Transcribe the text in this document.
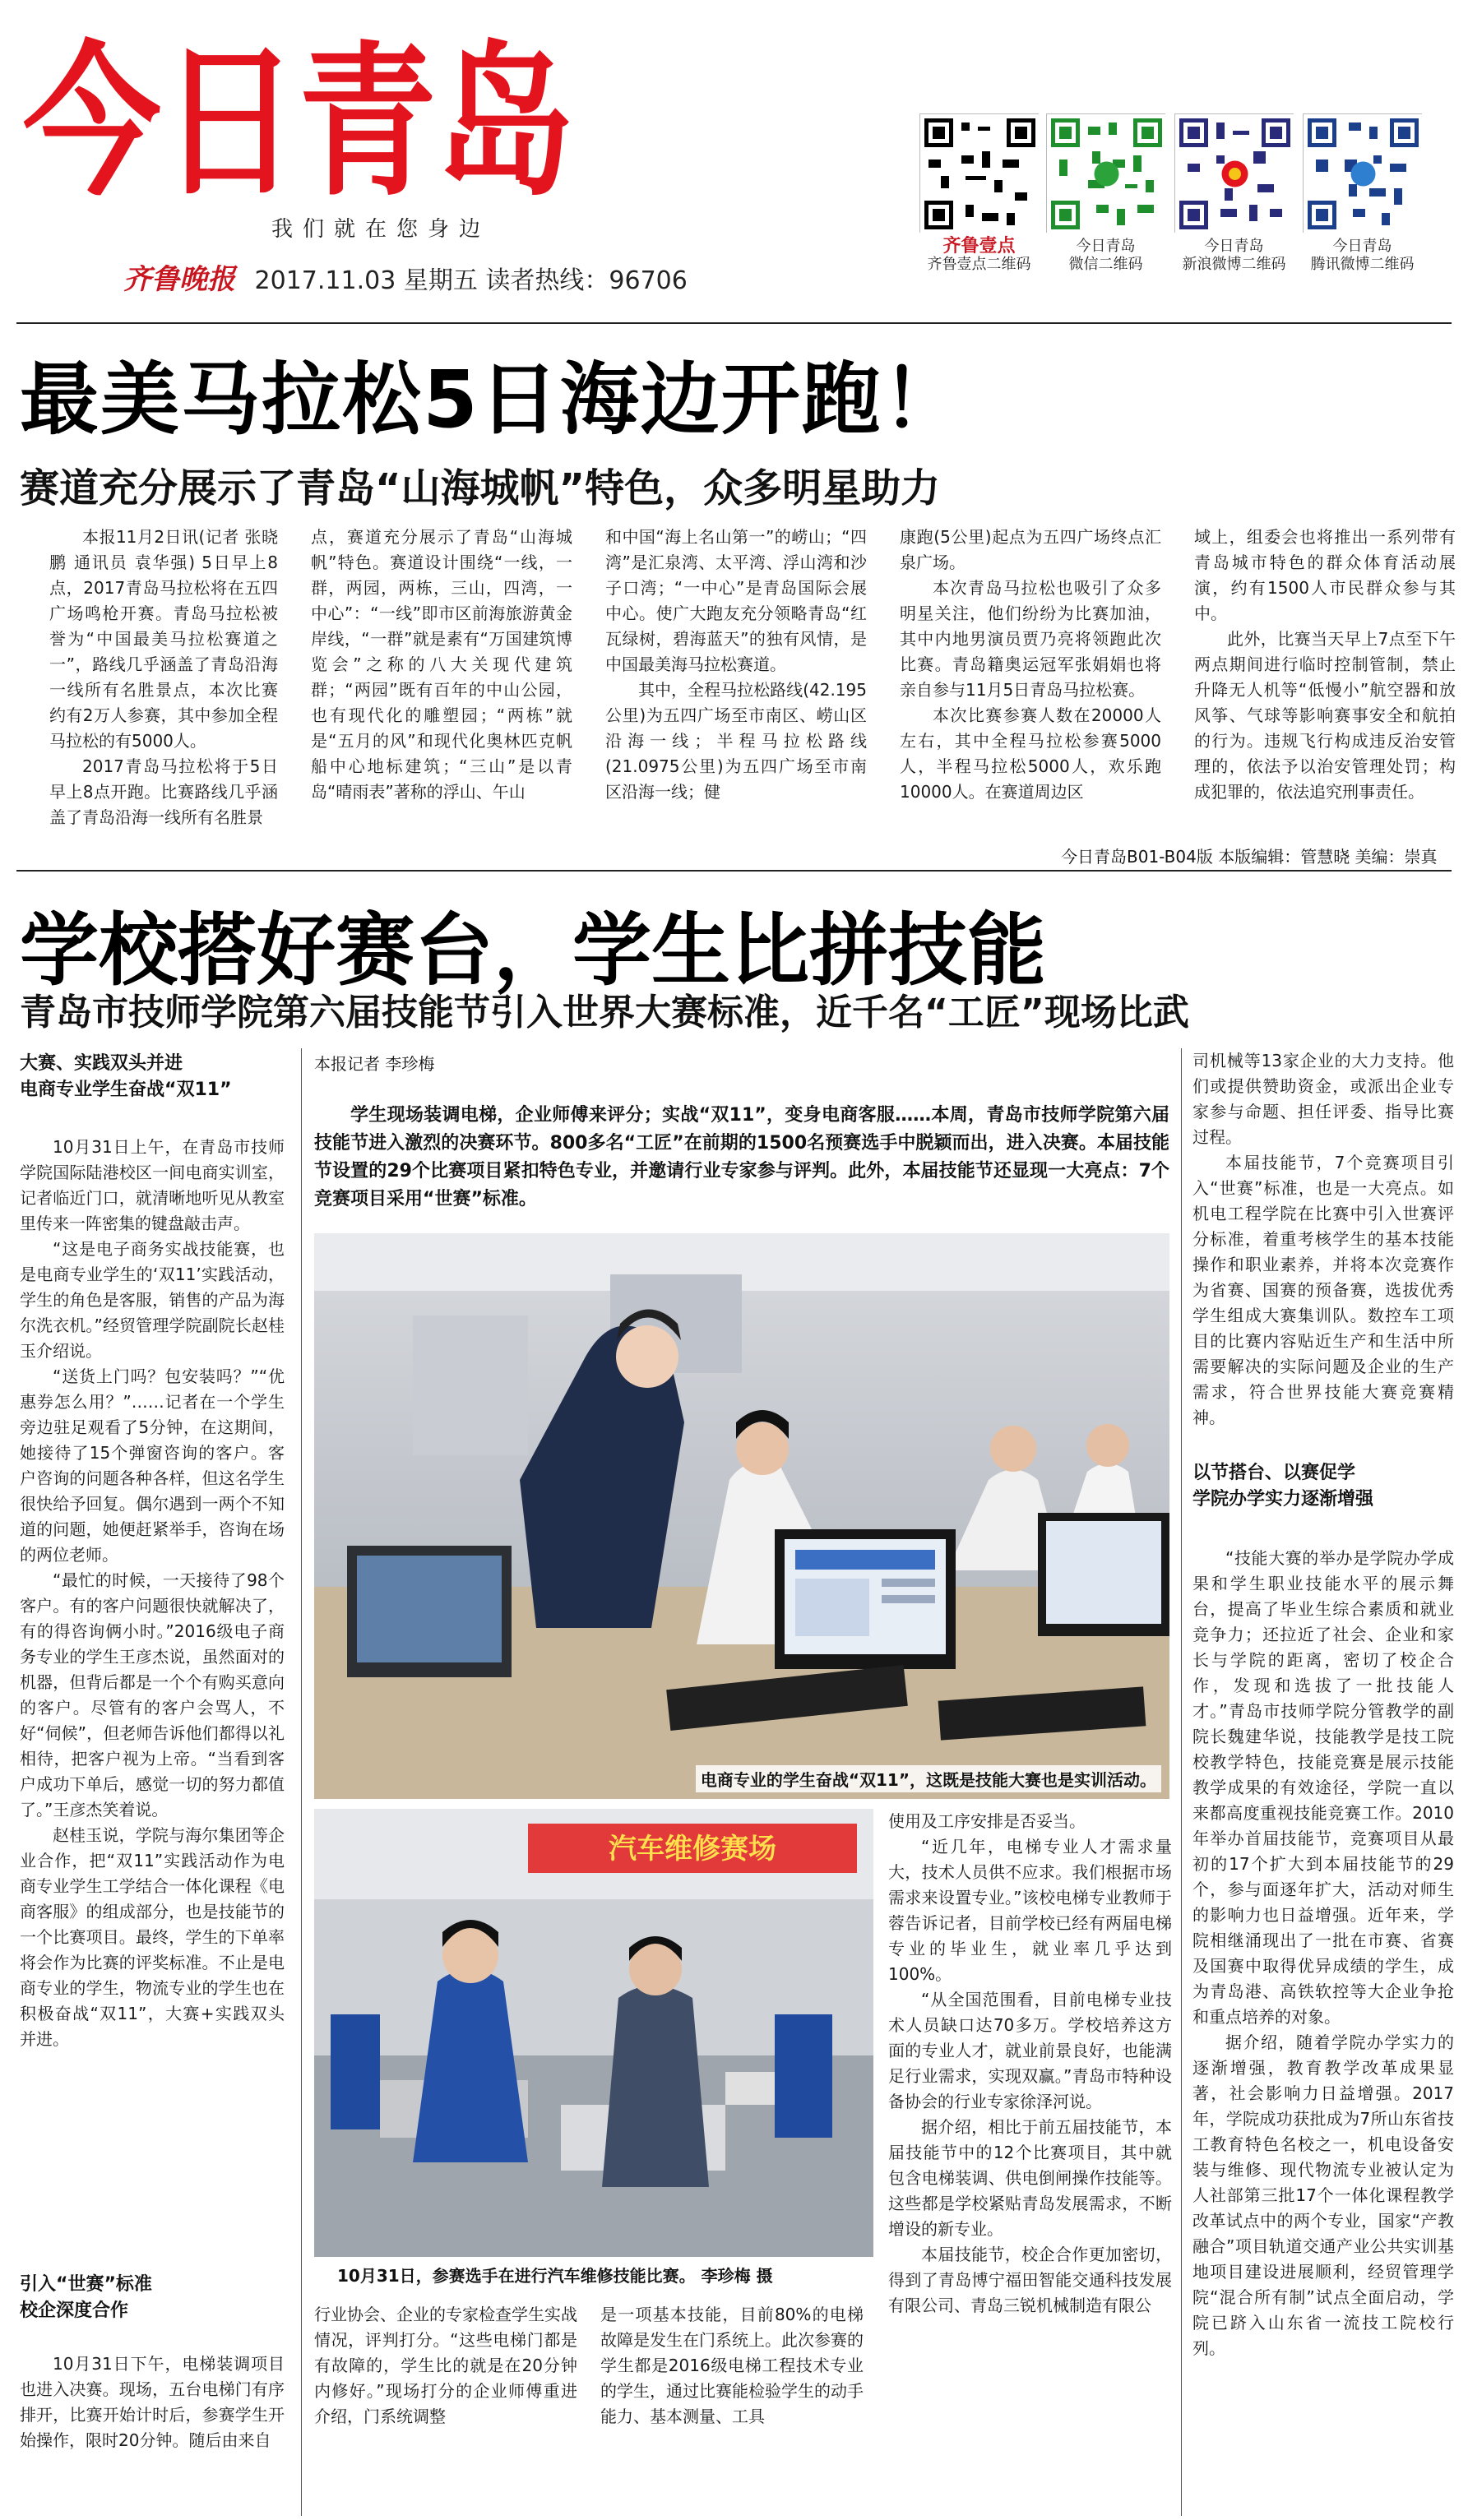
今日青岛
我们就在您身边
齐鲁晚报 2017.11.03 星期五 读者热线：96706
齐鲁壹点
齐鲁壹点二维码
今日青岛
微信二维码
今日青岛
新浪微博二维码
今日青岛
腾讯微博二维码
最美马拉松5日海边开跑！
赛道充分展示了青岛“山海城帆”特色，众多明星助力

本报11月2日讯(记者 张晓鹏 通讯员 袁华强) 5日早上8点，2017青岛马拉松将在五四广场鸣枪开赛。青岛马拉松被誉为“中国最美马拉松赛道之一”，路线几乎涵盖了青岛沿海一线所有名胜景点，本次比赛约有2万人参赛，其中参加全程马拉松的有5000人。

2017青岛马拉松将于5日早上8点开跑。比赛路线几乎涵盖了青岛沿海一线所有名胜景

点，赛道充分展示了青岛“山海城帆”特色。赛道设计围绕“一线，一群，两园，两栋，三山，四湾，一中心”：“一线”即市区前海旅游黄金岸线，“一群”就是素有“万国建筑博览会”之称的八大关现代建筑群；“两园”既有百年的中山公园，也有现代化的雕塑园；“两栋”就是“五月的风”和现代化奥林匹克帆船中心地标建筑；“三山”是以青岛“晴雨表”著称的浮山、午山

和中国“海上名山第一”的崂山；“四湾”是汇泉湾、太平湾、浮山湾和沙子口湾；“一中心”是青岛国际会展中心。使广大跑友充分领略青岛“红瓦绿树，碧海蓝天”的独有风情，是中国最美海马拉松赛道。

其中，全程马拉松路线(42.195公里)为五四广场至市南区、崂山区沿海一线；半程马拉松路线(21.0975公里)为五四广场至市南区沿海一线；健

康跑(5公里)起点为五四广场终点汇泉广场。

本次青岛马拉松也吸引了众多明星关注，他们纷纷为比赛加油，其中内地男演员贾乃亮将领跑此次比赛。青岛籍奥运冠军张娟娟也将亲自参与11月5日青岛马拉松赛。

本次比赛参赛人数在20000人左右，其中全程马拉松参赛5000人，半程马拉松5000人，欢乐跑10000人。在赛道周边区

域上，组委会也将推出一系列带有青岛城市特色的群众体育活动展演，约有1500人市民群众参与其中。

此外，比赛当天早上7点至下午两点期间进行临时控制管制，禁止升降无人机等“低慢小”航空器和放风筝、气球等影响赛事安全和航拍的行为。违规飞行构成违反治安管理的，依法予以治安管理处罚；构成犯罪的，依法追究刑事责任。

今日青岛B01-B04版 本版编辑：管慧晓 美编：崇真
学校搭好赛台，学生比拼技能
青岛市技师学院第六届技能节引入世界大赛标准，近千名“工匠”现场比武
大赛、实践双头并进
电商专业学生奋战“双11”

10月31日上午，在青岛市技师学院国际陆港校区一间电商实训室，记者临近门口，就清晰地听见从教室里传来一阵密集的键盘敲击声。

“这是电子商务实战技能赛，也是电商专业学生的‘双11’实践活动，学生的角色是客服，销售的产品为海尔洗衣机。”经贸管理学院副院长赵桂玉介绍说。

“送货上门吗？包安装吗？”“优惠券怎么用？”……记者在一个学生旁边驻足观看了5分钟，在这期间，她接待了15个弹窗咨询的客户。客户咨询的问题各种各样，但这名学生很快给予回复。偶尔遇到一两个不知道的问题，她便赶紧举手，咨询在场的两位老师。

“最忙的时候，一天接待了98个客户。有的客户问题很快就解决了，有的得咨询俩小时。”2016级电子商务专业的学生王彦杰说，虽然面对的机器，但背后都是一个个有购买意向的客户。尽管有的客户会骂人，不好“伺候”，但老师告诉他们都得以礼相待，把客户视为上帝。“当看到客户成功下单后，感觉一切的努力都值了。”王彦杰笑着说。

赵桂玉说，学院与海尔集团等企业合作，把“双11”实践活动作为电商专业学生工学结合一体化课程《电商客服》的组成部分，也是技能节的一个比赛项目。最终，学生的下单率将会作为比赛的评奖标准。不止是电商专业的学生，物流专业的学生也在积极奋战“双11”，大赛+实践双头并进。

引入“世赛”标准
校企深度合作

10月31日下午，电梯装调项目也进入决赛。现场，五台电梯门有序排开，比赛开始计时后，参赛学生开始操作，限时20分钟。随后由来自

本报记者 李珍梅
学生现场装调电梯，企业师傅来评分；实战“双11”，变身电商客服……本周，青岛市技师学院第六届技能节进入激烈的决赛环节。800多名“工匠”在前期的1500名预赛选手中脱颖而出，进入决赛。本届技能节设置的29个比赛项目紧扣特色专业，并邀请行业专家参与评判。此外，本届技能节还显现一大亮点：7个竞赛项目采用“世赛”标准。
电商专业的学生奋战“双11”，这既是技能大赛也是实训活动。
汽车维修赛场
10月31日，参赛选手在进行汽车维修技能比赛。 李珍梅 摄

使用及工序安排是否妥当。

“近几年，电梯专业人才需求量大，技术人员供不应求。我们根据市场需求来设置专业。”该校电梯专业教师于蓉告诉记者，目前学校已经有两届电梯专业的毕业生，就业率几乎达到100%。

“从全国范围看，目前电梯专业技术人员缺口达70多万。学校培养这方面的专业人才，就业前景良好，也能满足行业需求，实现双赢。”青岛市特种设备协会的行业专家徐泽河说。

据介绍，相比于前五届技能节，本届技能节中的12个比赛项目，其中就包含电梯装调、供电倒闸操作技能等。这些都是学校紧贴青岛发展需求，不断增设的新专业。

本届技能节，校企合作更加密切，得到了青岛博宁福田智能交通科技发展有限公司、青岛三锐机械制造有限公

行业协会、企业的专家检查学生实战情况，评判打分。“这些电梯门都是有故障的，学生比的就是在20分钟内修好。”现场打分的企业师傅重进介绍，门系统调整

是一项基本技能，目前80%的电梯故障是发生在门系统上。此次参赛的学生都是2016级电梯工程技术专业的学生，通过比赛能检验学生的动手能力、基本测量、工具

司机械等13家企业的大力支持。他们或提供赞助资金，或派出企业专家参与命题、担任评委、指导比赛过程。

本届技能节，7个竞赛项目引入“世赛”标准，也是一大亮点。如机电工程学院在比赛中引入世赛评分标准，着重考核学生的基本技能操作和职业素养，并将本次竞赛作为省赛、国赛的预备赛，选拔优秀学生组成大赛集训队。数控车工项目的比赛内容贴近生产和生活中所需要解决的实际问题及企业的生产需求，符合世界技能大赛竞赛精神。

以节搭台、以赛促学
学院办学实力逐渐增强

“技能大赛的举办是学院办学成果和学生职业技能水平的展示舞台，提高了毕业生综合素质和就业竞争力；还拉近了社会、企业和家长与学院的距离，密切了校企合作，发现和选拔了一批技能人才。”青岛市技师学院分管教学的副院长魏建华说，技能教学是技工院校教学特色，技能竞赛是展示技能教学成果的有效途径，学院一直以来都高度重视技能竞赛工作。2010年举办首届技能节，竞赛项目从最初的17个扩大到本届技能节的29个，参与面逐年扩大，活动对师生的影响力也日益增强。近年来，学院相继涌现出了一批在市赛、省赛及国赛中取得优异成绩的学生，成为青岛港、高铁软控等大企业争抢和重点培养的对象。

据介绍，随着学院办学实力的逐渐增强，教育教学改革成果显著，社会影响力日益增强。2017年，学院成功获批成为7所山东省技工教育特色名校之一，机电设备安装与维修、现代物流专业被认定为人社部第三批17个一体化课程教学改革试点中的两个专业，国家“产教融合”项目轨道交通产业公共实训基地项目建设进展顺利，经贸管理学院“混合所有制”试点全面启动，学院已跻入山东省一流技工院校行列。
